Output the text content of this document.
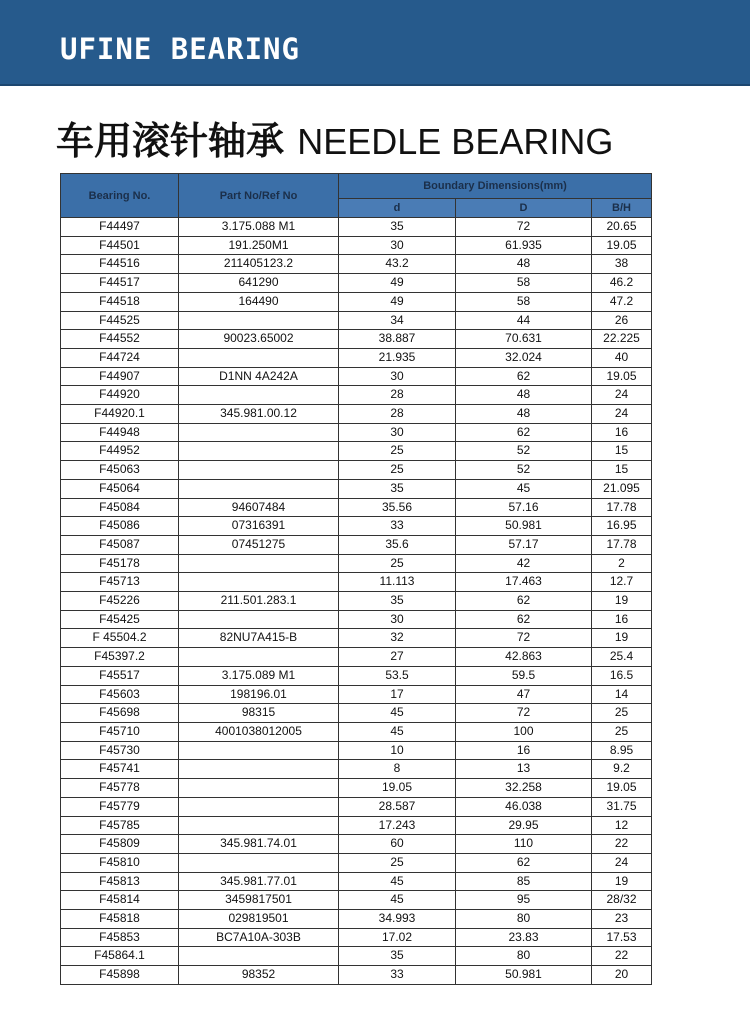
UFINE BEARING
车用滚针轴承 NEEDLE BEARING
Bearing No.	Part No/Ref No	Boundary Dimensions(mm)		
		d	D	B/H
F44497	3.175.088 M1	35	72	20.65
F44501	191.250M1	30	61.935	19.05
F44516	211405123.2	43.2	48	38
F44517	641290	49	58	46.2
F44518	164490	49	58	47.2
F44525		34	44	26
F44552	90023.65002	38.887	70.631	22.225
F44724		21.935	32.024	40
F44907	D1NN 4A242A	30	62	19.05
F44920		28	48	24
F44920.1	345.981.00.12	28	48	24
F44948		30	62	16
F44952		25	52	15
F45063		25	52	15
F45064		35	45	21.095
F45084	94607484	35.56	57.16	17.78
F45086	07316391	33	50.981	16.95
F45087	07451275	35.6	57.17	17.78
F45178		25	42	2
F45713		11.113	17.463	12.7
F45226	211.501.283.1	35	62	19
F45425		30	62	16
F 45504.2	82NU7A415-B	32	72	19
F45397.2		27	42.863	25.4
F45517	3.175.089 M1	53.5	59.5	16.5
F45603	198196.01	17	47	14
F45698	98315	45	72	25
F45710	4001038012005	45	100	25
F45730		10	16	8.95
F45741		8	13	9.2
F45778		19.05	32.258	19.05
F45779		28.587	46.038	31.75
F45785		17.243	29.95	12
F45809	345.981.74.01	60	110	22
F45810		25	62	24
F45813	345.981.77.01	45	85	19
F45814	3459817501	45	95	28/32
F45818	029819501	34.993	80	23
F45853	BC7A10A-303B	17.02	23.83	17.53
F45864.1		35	80	22
F45898	98352	33	50.981	20
